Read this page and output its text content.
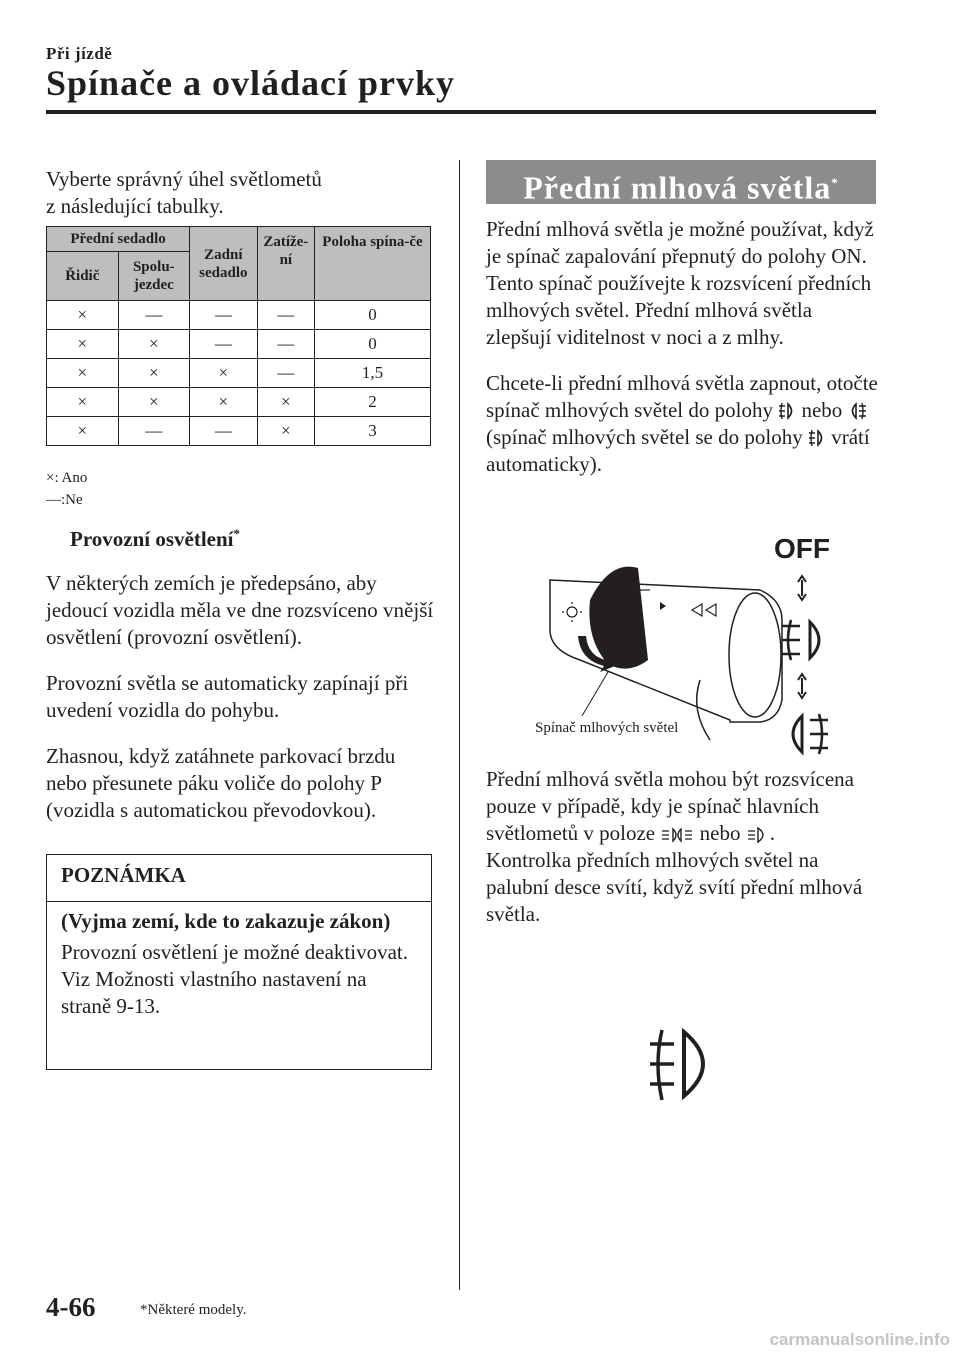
Při jízdě
Spínače a ovládací prvky

Vyberte správný úhel světlometů

z následující tabulky.

Přední sedadlo		Zadní sedadlo	Zatíže-ní	Poloha spína-če
Řidič	Spolu-jezdec			
×	—	—	—	0
×	×	—	—	0
×	×	×	—	1,5
×	×	×	×	2
×	—	—	×	3
×: Ano
—:Ne
Provozní osvětlení*

V některých zemích je předepsáno, aby jedoucí vozidla měla ve dne rozsvíceno vnější osvětlení (provozní osvětlení).

Provozní světla se automaticky zapínají při uvedení vozidla do pohybu.

Zhasnou, když zatáhnete parkovací brzdu nebo přesunete páku voliče do polohy P (vozidla s automatickou převodovkou).

POZNÁMKA
(Vyjma zemí, kde to zakazuje zákon)

Provozní osvětlení je možné deaktivovat. Viz Možnosti vlastního nastavení na straně 9-13.

Přední mlhová světla*

Přední mlhová světla je možné používat, když je spínač zapalování přepnutý do polohy ON.

Tento spínač používejte k rozsvícení předních mlhových světel. Přední mlhová světla zlepšují viditelnost v noci a z mlhy.

Chcete-li přední mlhová světla zapnout, otočte spínač mlhových světel do polohy nebo  (spínač mlhových světel se do polohy vrátí automaticky).

OFF
Spínač mlhových světel

Přední mlhová světla mohou být rozsvícena pouze v případě, kdy je spínač hlavních světlometů v poloze nebo .

Kontrolka předních mlhových světel na palubní desce svítí, když svítí přední mlhová světla.

4-66	*Některé modely.
carmanualsonline.info
